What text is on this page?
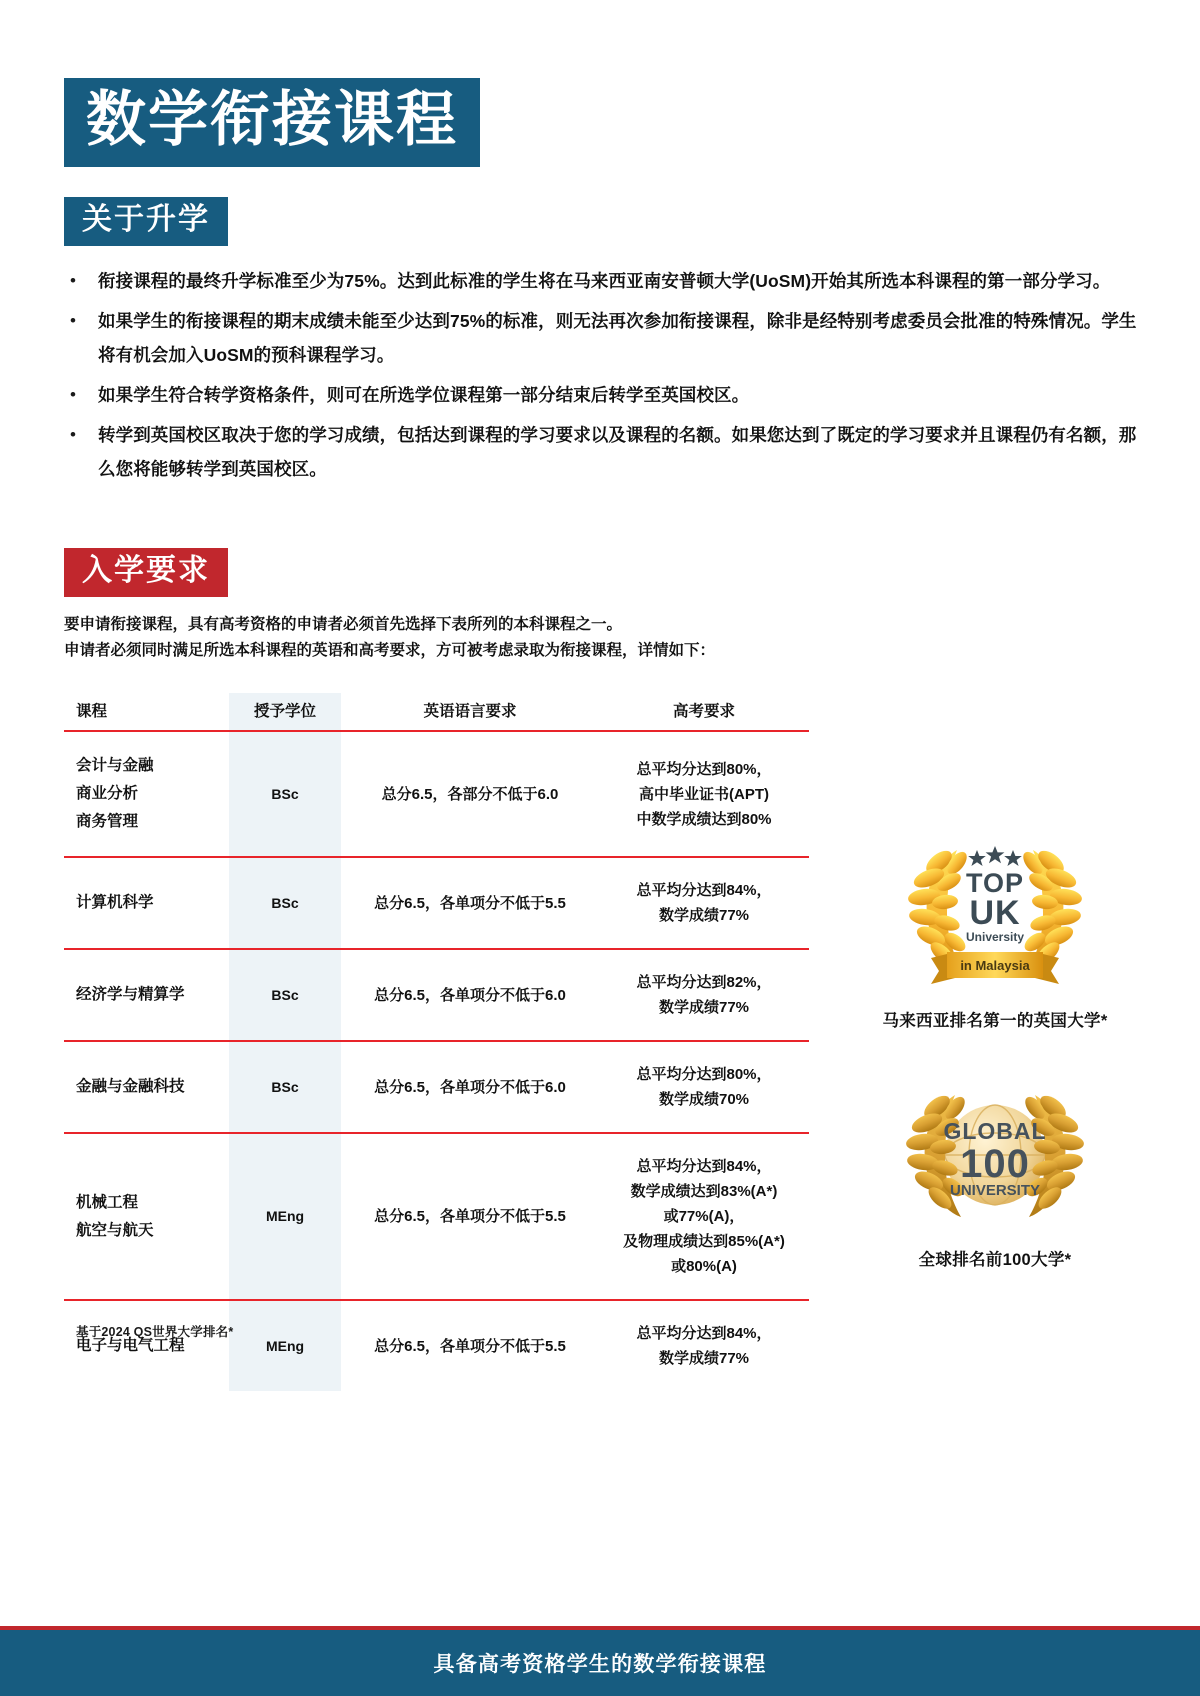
数学衔接课程
关于升学
•	衔接课程的最终升学标准至少为75%。达到此标准的学生将在马来西亚南安普顿大学(UoSM)开始其所选本科课程的第一部分学习。
•	如果学生的衔接课程的期末成绩未能至少达到75%的标准，则无法再次参加衔接课程，除非是经特别考虑委员会批准的特殊情况。学生将有机会加入UoSM的预科课程学习。
•	如果学生符合转学资格条件，则可在所选学位课程第一部分结束后转学至英国校区。
•	转学到英国校区取决于您的学习成绩，包括达到课程的学习要求以及课程的名额。如果您达到了既定的学习要求并且课程仍有名额，那么您将能够转学到英国校区。
入学要求
要申请衔接课程，具有高考资格的申请者必须首先选择下表所列的本科课程之一。
申请者必须同时满足所选本科课程的英语和高考要求，方可被考虑录取为衔接课程，详情如下：
课程	授予学位	英语语言要求	高考要求

会计与金融
商业分析
商务管理
	BSc	总分6.5，各部分不低于6.0	
总平均分达到80%，
高中毕业证书(APT)
中数学成绩达到80%

计算机科学	BSc	总分6.5，各单项分不低于5.5	总平均分达到84%，
数学成绩77%

经济学与精算学	BSc	总分6.5，各单项分不低于6.0	总平均分达到82%，
数学成绩77%

金融与金融科技	BSc	总分6.5，各单项分不低于6.0	总平均分达到80%，
数学成绩70%

机械工程
航空与航天
	MEng	总分6.5，各单项分不低于5.5	
总平均分达到84%，
数学成绩达到83%(A*)
或77%(A)，
及物理成绩达到85%(A*)
或80%(A)

电子与电气工程	MEng	总分6.5，各单项分不低于5.5	总平均分达到84%，
数学成绩77%
基于2024 QS世界大学排名*
TOP
UK
University
in Malaysia
马来西亚排名第一的英国大学*
GLOBAL
100
UNIVERSITY
全球排名前100大学*
具备高考资格学生的数学衔接课程
